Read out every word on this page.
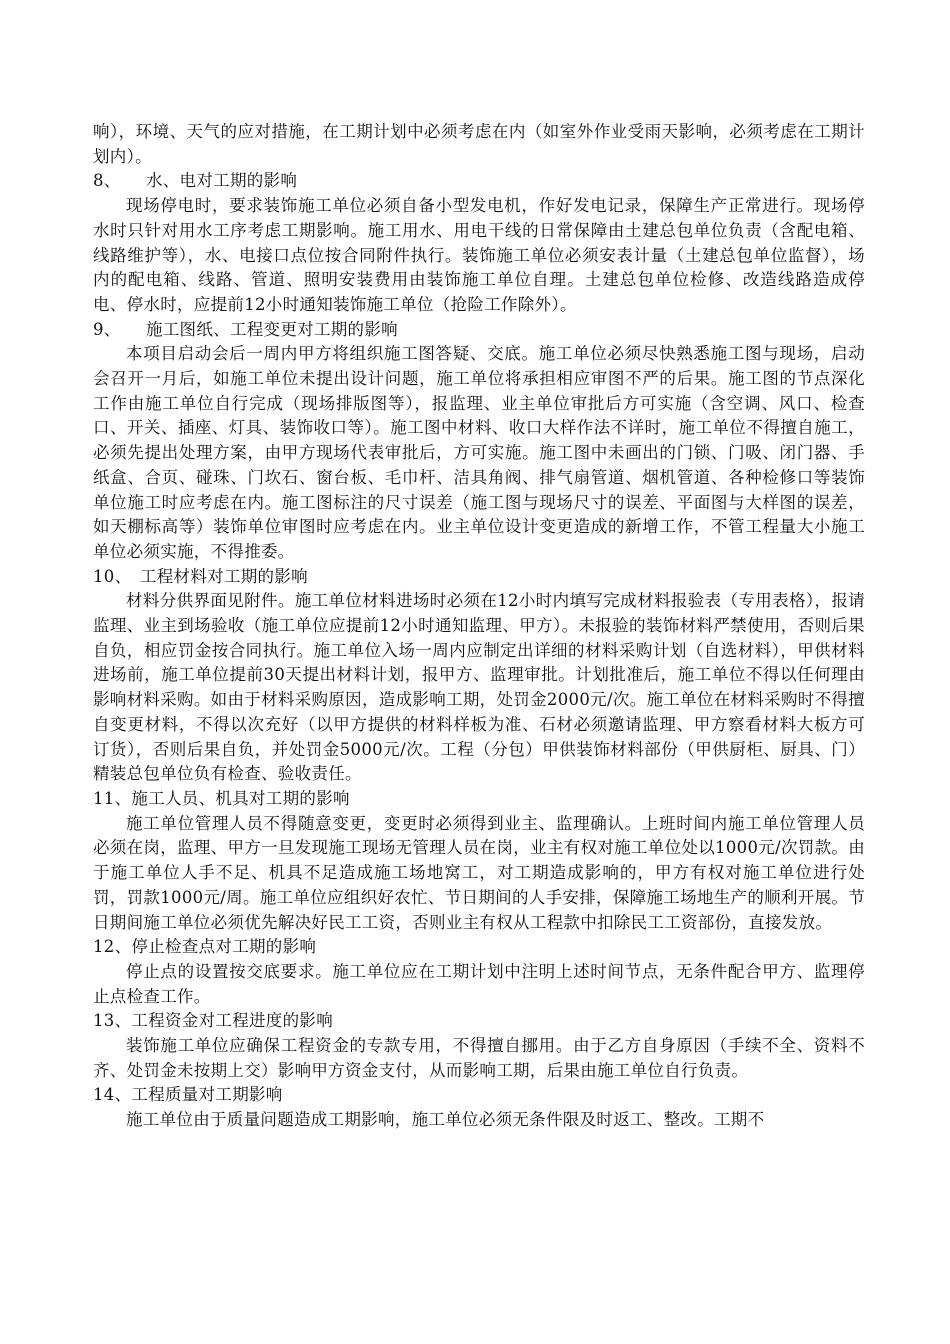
响），环境、天气的应对措施，在工期计划中必须考虑在内（如室外作业受雨天影响，必须考虑在工期计划内）。

8、　　水、电对工期的影响

现场停电时，要求装饰施工单位必须自备小型发电机，作好发电记录，保障生产正常进行。现场停水时只针对用水工序考虑工期影响。施工用水、用电干线的日常保障由土建总包单位负责（含配电箱、线路维护等），水、电接口点位按合同附件执行。装饰施工单位必须安表计量（土建总包单位监督），场内的配电箱、线路、管道、照明安装费用由装饰施工单位自理。土建总包单位检修、改造线路造成停电、停水时，应提前12小时通知装饰施工单位（抢险工作除外）。

9、　　施工图纸、工程变更对工期的影响

本项目启动会后一周内甲方将组织施工图答疑、交底。施工单位必须尽快熟悉施工图与现场，启动会召开一月后，如施工单位未提出设计问题，施工单位将承担相应审图不严的后果。施工图的节点深化工作由施工单位自行完成（现场排版图等），报监理、业主单位审批后方可实施（含空调、风口、检查口、开关、插座、灯具、装饰收口等）。施工图中材料、收口大样作法不详时，施工单位不得擅自施工，必须先提出处理方案，由甲方现场代表审批后，方可实施。施工图中未画出的门锁、门吸、闭门器、手纸盒、合页、碰珠、门坎石、窗台板、毛巾杆、洁具角阀、排气扇管道、烟机管道、各种检修口等装饰单位施工时应考虑在内。施工图标注的尺寸误差（施工图与现场尺寸的误差、平面图与大样图的误差，如天棚标高等）装饰单位审图时应考虑在内。业主单位设计变更造成的新增工作，不管工程量大小施工单位必须实施，不得推委。

10、　工程材料对工期的影响

材料分供界面见附件。施工单位材料进场时必须在12小时内填写完成材料报验表（专用表格），报请监理、业主到场验收（施工单位应提前12小时通知监理、甲方）。未报验的装饰材料严禁使用，否则后果自负，相应罚金按合同执行。施工单位入场一周内应制定出详细的材料采购计划（自选材料），甲供材料进场前，施工单位提前30天提出材料计划，报甲方、监理审批。计划批准后，施工单位不得以任何理由影响材料采购。如由于材料采购原因，造成影响工期，处罚金2000元/次。施工单位在材料采购时不得擅自变更材料，不得以次充好（以甲方提供的材料样板为准、石材必须邀请监理、甲方察看材料大板方可订货），否则后果自负，并处罚金5000元/次。工程（分包）甲供装饰材料部份（甲供厨柜、厨具、门）精装总包单位负有检查、验收责任。

11、施工人员、机具对工期的影响

施工单位管理人员不得随意变更，变更时必须得到业主、监理确认。上班时间内施工单位管理人员必须在岗，监理、甲方一旦发现施工现场无管理人员在岗，业主有权对施工单位处以1000元/次罚款。由于施工单位人手不足、机具不足造成施工场地窝工，对工期造成影响的，甲方有权对施工单位进行处罚，罚款1000元/周。施工单位应组织好农忙、节日期间的人手安排，保障施工场地生产的顺利开展。节日期间施工单位必须优先解决好民工工资，否则业主有权从工程款中扣除民工工资部份，直接发放。

12、停止检查点对工期的影响

停止点的设置按交底要求。施工单位应在工期计划中注明上述时间节点，无条件配合甲方、监理停止点检查工作。

13、工程资金对工程进度的影响

装饰施工单位应确保工程资金的专款专用，不得擅自挪用。由于乙方自身原因（手续不全、资料不齐、处罚金未按期上交）影响甲方资金支付，从而影响工期，后果由施工单位自行负责。

14、工程质量对工期影响

施工单位由于质量问题造成工期影响，施工单位必须无条件限及时返工、整改。工期不
